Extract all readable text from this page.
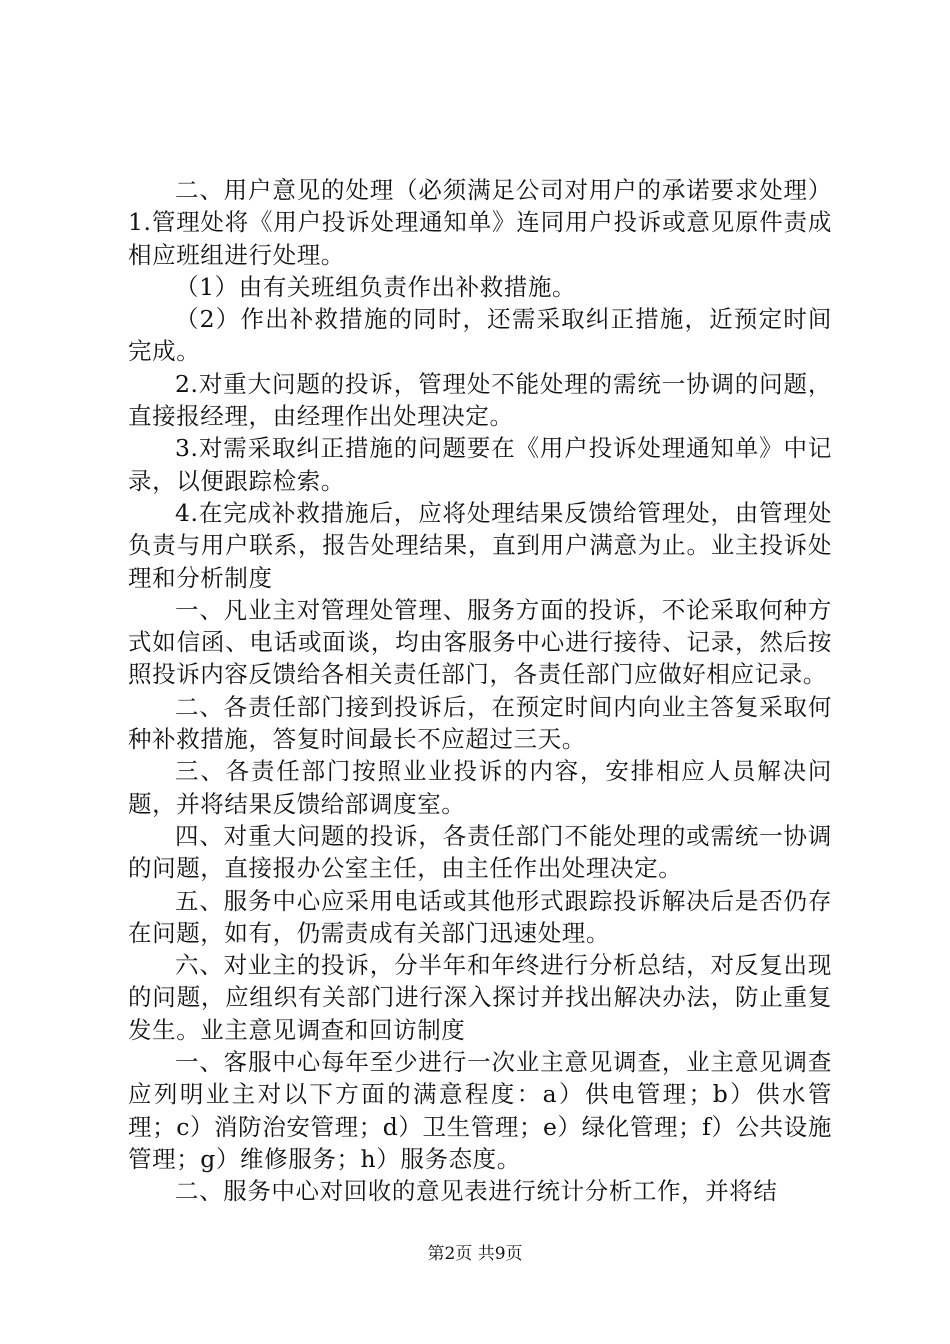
二、用户意见的处理（必须满足公司对用户的承诺要求处理）1.管理处将《用户投诉处理通知单》连同用户投诉或意见原件责成相应班组进行处理。

（1）由有关班组负责作出补救措施。

（2）作出补救措施的同时，还需采取纠正措施，近预定时间完成。

2.对重大问题的投诉，管理处不能处理的需统一协调的问题，直接报经理，由经理作出处理决定。

3.对需采取纠正措施的问题要在《用户投诉处理通知单》中记录，以便跟踪检索。

4.在完成补救措施后，应将处理结果反馈给管理处，由管理处负责与用户联系，报告处理结果，直到用户满意为止。业主投诉处理和分析制度

一、凡业主对管理处管理、服务方面的投诉，不论采取何种方式如信函、电话或面谈，均由客服务中心进行接待、记录，然后按照投诉内容反馈给各相关责任部门，各责任部门应做好相应记录。

二、各责任部门接到投诉后，在预定时间内向业主答复采取何种补救措施，答复时间最长不应超过三天。

三、各责任部门按照业业投诉的内容，安排相应人员解决问题，并将结果反馈给部调度室。

四、对重大问题的投诉，各责任部门不能处理的或需统一协调的问题，直接报办公室主任，由主任作出处理决定。

五、服务中心应采用电话或其他形式跟踪投诉解决后是否仍存在问题，如有，仍需责成有关部门迅速处理。

六、对业主的投诉，分半年和年终进行分析总结，对反复出现的问题，应组织有关部门进行深入探讨并找出解决办法，防止重复发生。业主意见调查和回访制度

一、客服中心每年至少进行一次业主意见调查，业主意见调查应列明业主对以下方面的满意程度：a）供电管理；b）供水管理；c）消防治安管理；d）卫生管理；e）绿化管理；f）公共设施管理；g）维修服务；h）服务态度。

二、服务中心对回收的意见表进行统计分析工作，并将结

第2页 共9页
